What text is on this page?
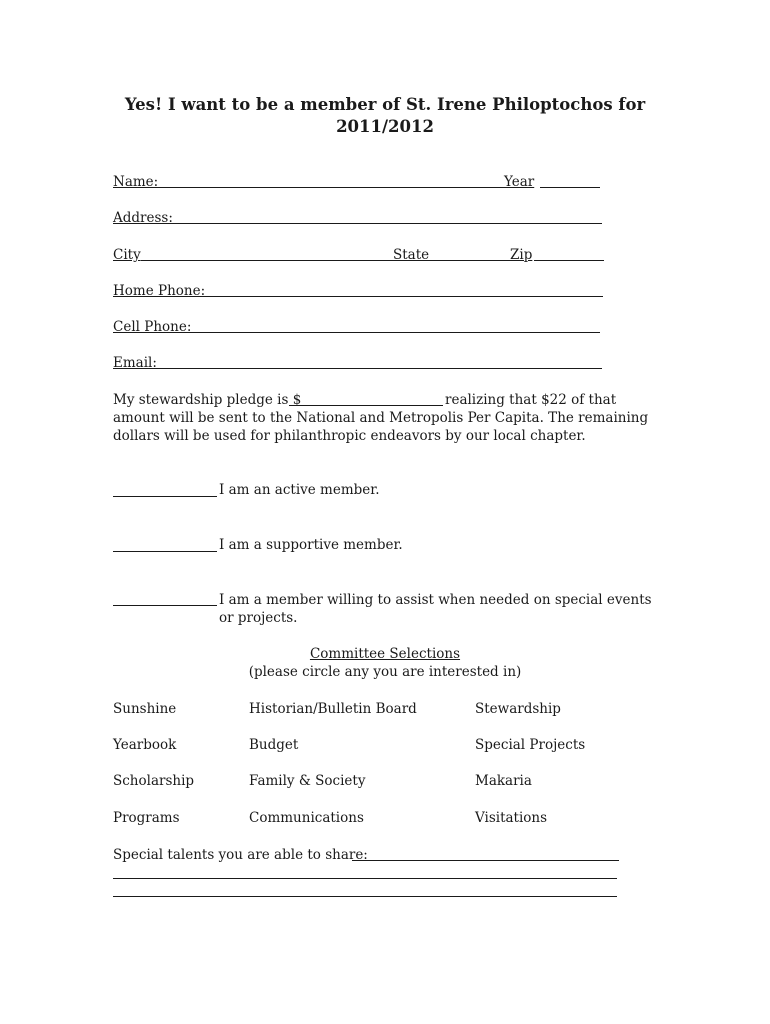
Yes! I want to be a member of St. Irene Philoptochos for
2011/2012
Name:	Year
Address:
City	State	Zip
Home Phone:
Cell Phone:
Email:
My stewardship pledge is $	realizing that $22 of that
amount will be sent to the National and Metropolis Per Capita. The remaining
dollars will be used for philanthropic endeavors by our local chapter.
I am an active member.
I am a supportive member.
I am a member willing to assist when needed on special events
or projects.
Committee Selections
(please circle any you are interested in)
Sunshine	Historian/Bulletin Board	Stewardship
Yearbook	Budget	Special Projects
Scholarship	Family & Society	Makaria
Programs	Communications	Visitations
Special talents you are able to share:
